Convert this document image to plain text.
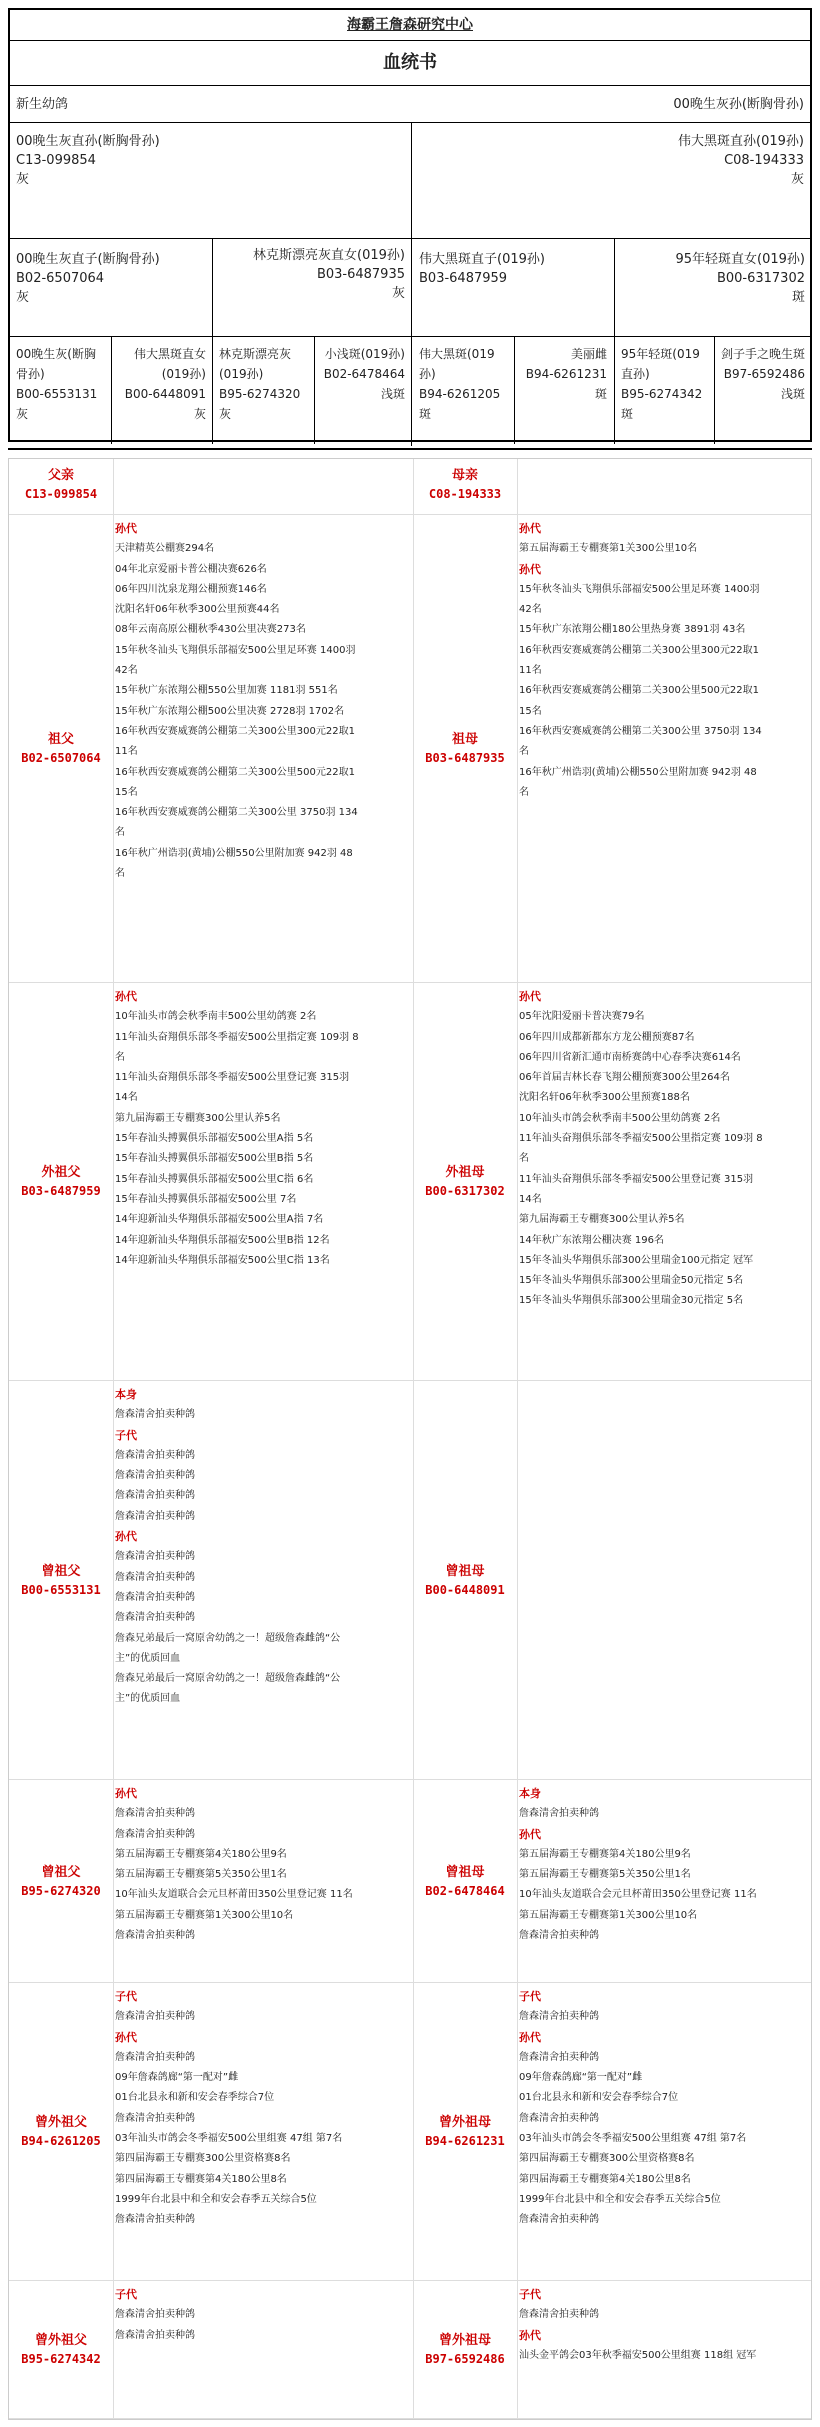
海霸王詹森研究中心
血统书
新生幼鸽	00晚生灰孙(断胸骨孙)
00晚生灰直孙(断胸骨孙)
C13-099854
灰
伟大黑斑直孙(019孙)
C08-194333
灰
00晚生灰直子(断胸骨孙)
B02-6507064
灰
林克斯漂亮灰直女(019孙)
B03-6487935
灰
伟大黑斑直子(019孙)
B03-6487959
95年轻斑直女(019孙)
B00-6317302
斑
00晚生灰(断胸骨孙)
B00-6553131
灰
伟大黑斑直女(019孙)
B00-6448091
灰
林克斯漂亮灰(019孙)
B95-6274320
灰
小浅斑(019孙)
B02-6478464
浅斑
伟大黑斑(019孙)
B94-6261205
斑
美丽雌
B94-6261231
斑
95年轻斑(019直孙)
B95-6274342
斑
剑子手之晚生斑
B97-6592486
浅斑
父亲
C13-099854
母亲
C08-194333
祖父
B02-6507064
孙代
天津精英公棚赛294名
04年北京爱丽卡普公棚决赛626名
06年四川沈泉龙翔公棚预赛146名
沈阳名轩06年秋季300公里预赛44名
08年云南高原公棚秋季430公里决赛273名
15年秋冬汕头飞翔俱乐部福安500公里足环赛 1400羽
42名
15年秋广东浓翔公棚550公里加赛 1181羽 551名
15年秋广东浓翔公棚500公里决赛 2728羽 1702名
16年秋西安赛威赛鸽公棚第二关300公里300元22取1
11名
16年秋西安赛威赛鸽公棚第二关300公里500元22取1
15名
16年秋西安赛威赛鸽公棚第二关300公里 3750羽 134
名
16年秋广州诰羽(黄埔)公棚550公里附加赛 942羽 48
名
祖母
B03-6487935
孙代
第五届海霸王专棚赛第1关300公里10名
孙代
15年秋冬汕头飞翔俱乐部福安500公里足环赛 1400羽
42名
15年秋广东浓翔公棚180公里热身赛 3891羽 43名
16年秋西安赛威赛鸽公棚第二关300公里300元22取1
11名
16年秋西安赛威赛鸽公棚第二关300公里500元22取1
15名
16年秋西安赛威赛鸽公棚第二关300公里 3750羽 134
名
16年秋广州诰羽(黄埔)公棚550公里附加赛 942羽 48
名
外祖父
B03-6487959
孙代
10年汕头市鸽会秋季南丰500公里幼鸽赛 2名
11年汕头奋翔俱乐部冬季福安500公里指定赛 109羽 8
名
11年汕头奋翔俱乐部冬季福安500公里登记赛 315羽
14名
第九届海霸王专棚赛300公里认养5名
15年春汕头搏翼俱乐部福安500公里A指 5名
15年春汕头搏翼俱乐部福安500公里B指 5名
15年春汕头搏翼俱乐部福安500公里C指 6名
15年春汕头搏翼俱乐部福安500公里 7名
14年迎新汕头华翔俱乐部福安500公里A指 7名
14年迎新汕头华翔俱乐部福安500公里B指 12名
14年迎新汕头华翔俱乐部福安500公里C指 13名
外祖母
B00-6317302
孙代
05年沈阳爱丽卡普决赛79名
06年四川成都新都东方龙公棚预赛87名
06年四川省新汇通市南桥赛鸽中心春季决赛614名
06年首届吉林长春飞翔公棚预赛300公里264名
沈阳名轩06年秋季300公里预赛188名
10年汕头市鸽会秋季南丰500公里幼鸽赛 2名
11年汕头奋翔俱乐部冬季福安500公里指定赛 109羽 8
名
11年汕头奋翔俱乐部冬季福安500公里登记赛 315羽
14名
第九届海霸王专棚赛300公里认养5名
14年秋广东浓翔公棚决赛 196名
15年冬汕头华翔俱乐部300公里瑞金100元指定 冠军
15年冬汕头华翔俱乐部300公里瑞金50元指定 5名
15年冬汕头华翔俱乐部300公里瑞金30元指定 5名
曾祖父
B00-6553131
本身
詹森清舍拍卖种鸽
子代
詹森清舍拍卖种鸽
詹森清舍拍卖种鸽
詹森清舍拍卖种鸽
詹森清舍拍卖种鸽
孙代
詹森清舍拍卖种鸽
詹森清舍拍卖种鸽
詹森清舍拍卖种鸽
詹森清舍拍卖种鸽
詹森兄弟最后一窝原舍幼鸽之一！超级詹森雌鸽“公
主”的优质回血
詹森兄弟最后一窝原舍幼鸽之一！超级詹森雌鸽“公
主”的优质回血
曾祖母
B00-6448091
曾祖父
B95-6274320
孙代
詹森清舍拍卖种鸽
詹森清舍拍卖种鸽
第五届海霸王专棚赛第4关180公里9名
第五届海霸王专棚赛第5关350公里1名
10年汕头友道联合会元旦杯莆田350公里登记赛 11名
第五届海霸王专棚赛第1关300公里10名
詹森清舍拍卖种鸽
曾祖母
B02-6478464
本身
詹森清舍拍卖种鸽
孙代
第五届海霸王专棚赛第4关180公里9名
第五届海霸王专棚赛第5关350公里1名
10年汕头友道联合会元旦杯莆田350公里登记赛 11名
第五届海霸王专棚赛第1关300公里10名
詹森清舍拍卖种鸽
曾外祖父
B94-6261205
子代
詹森清舍拍卖种鸽
孙代
詹森清舍拍卖种鸽
09年詹森鸽廊“第一配对”雌
01台北县永和新和安会春季综合7位
詹森清舍拍卖种鸽
03年汕头市鸽会冬季福安500公里组赛 47组 第7名
第四届海霸王专棚赛300公里资格赛8名
第四届海霸王专棚赛第4关180公里8名
1999年台北县中和全和安会春季五关综合5位
詹森清舍拍卖种鸽
曾外祖母
B94-6261231
子代
詹森清舍拍卖种鸽
孙代
詹森清舍拍卖种鸽
09年詹森鸽廊“第一配对”雌
01台北县永和新和安会春季综合7位
詹森清舍拍卖种鸽
03年汕头市鸽会冬季福安500公里组赛 47组 第7名
第四届海霸王专棚赛300公里资格赛8名
第四届海霸王专棚赛第4关180公里8名
1999年台北县中和全和安会春季五关综合5位
詹森清舍拍卖种鸽
曾外祖父
B95-6274342
子代
詹森清舍拍卖种鸽
詹森清舍拍卖种鸽	曾外祖母
B97-6592486
子代
詹森清舍拍卖种鸽
孙代
汕头金平鸽会03年秋季福安500公里组赛 118组 冠军
